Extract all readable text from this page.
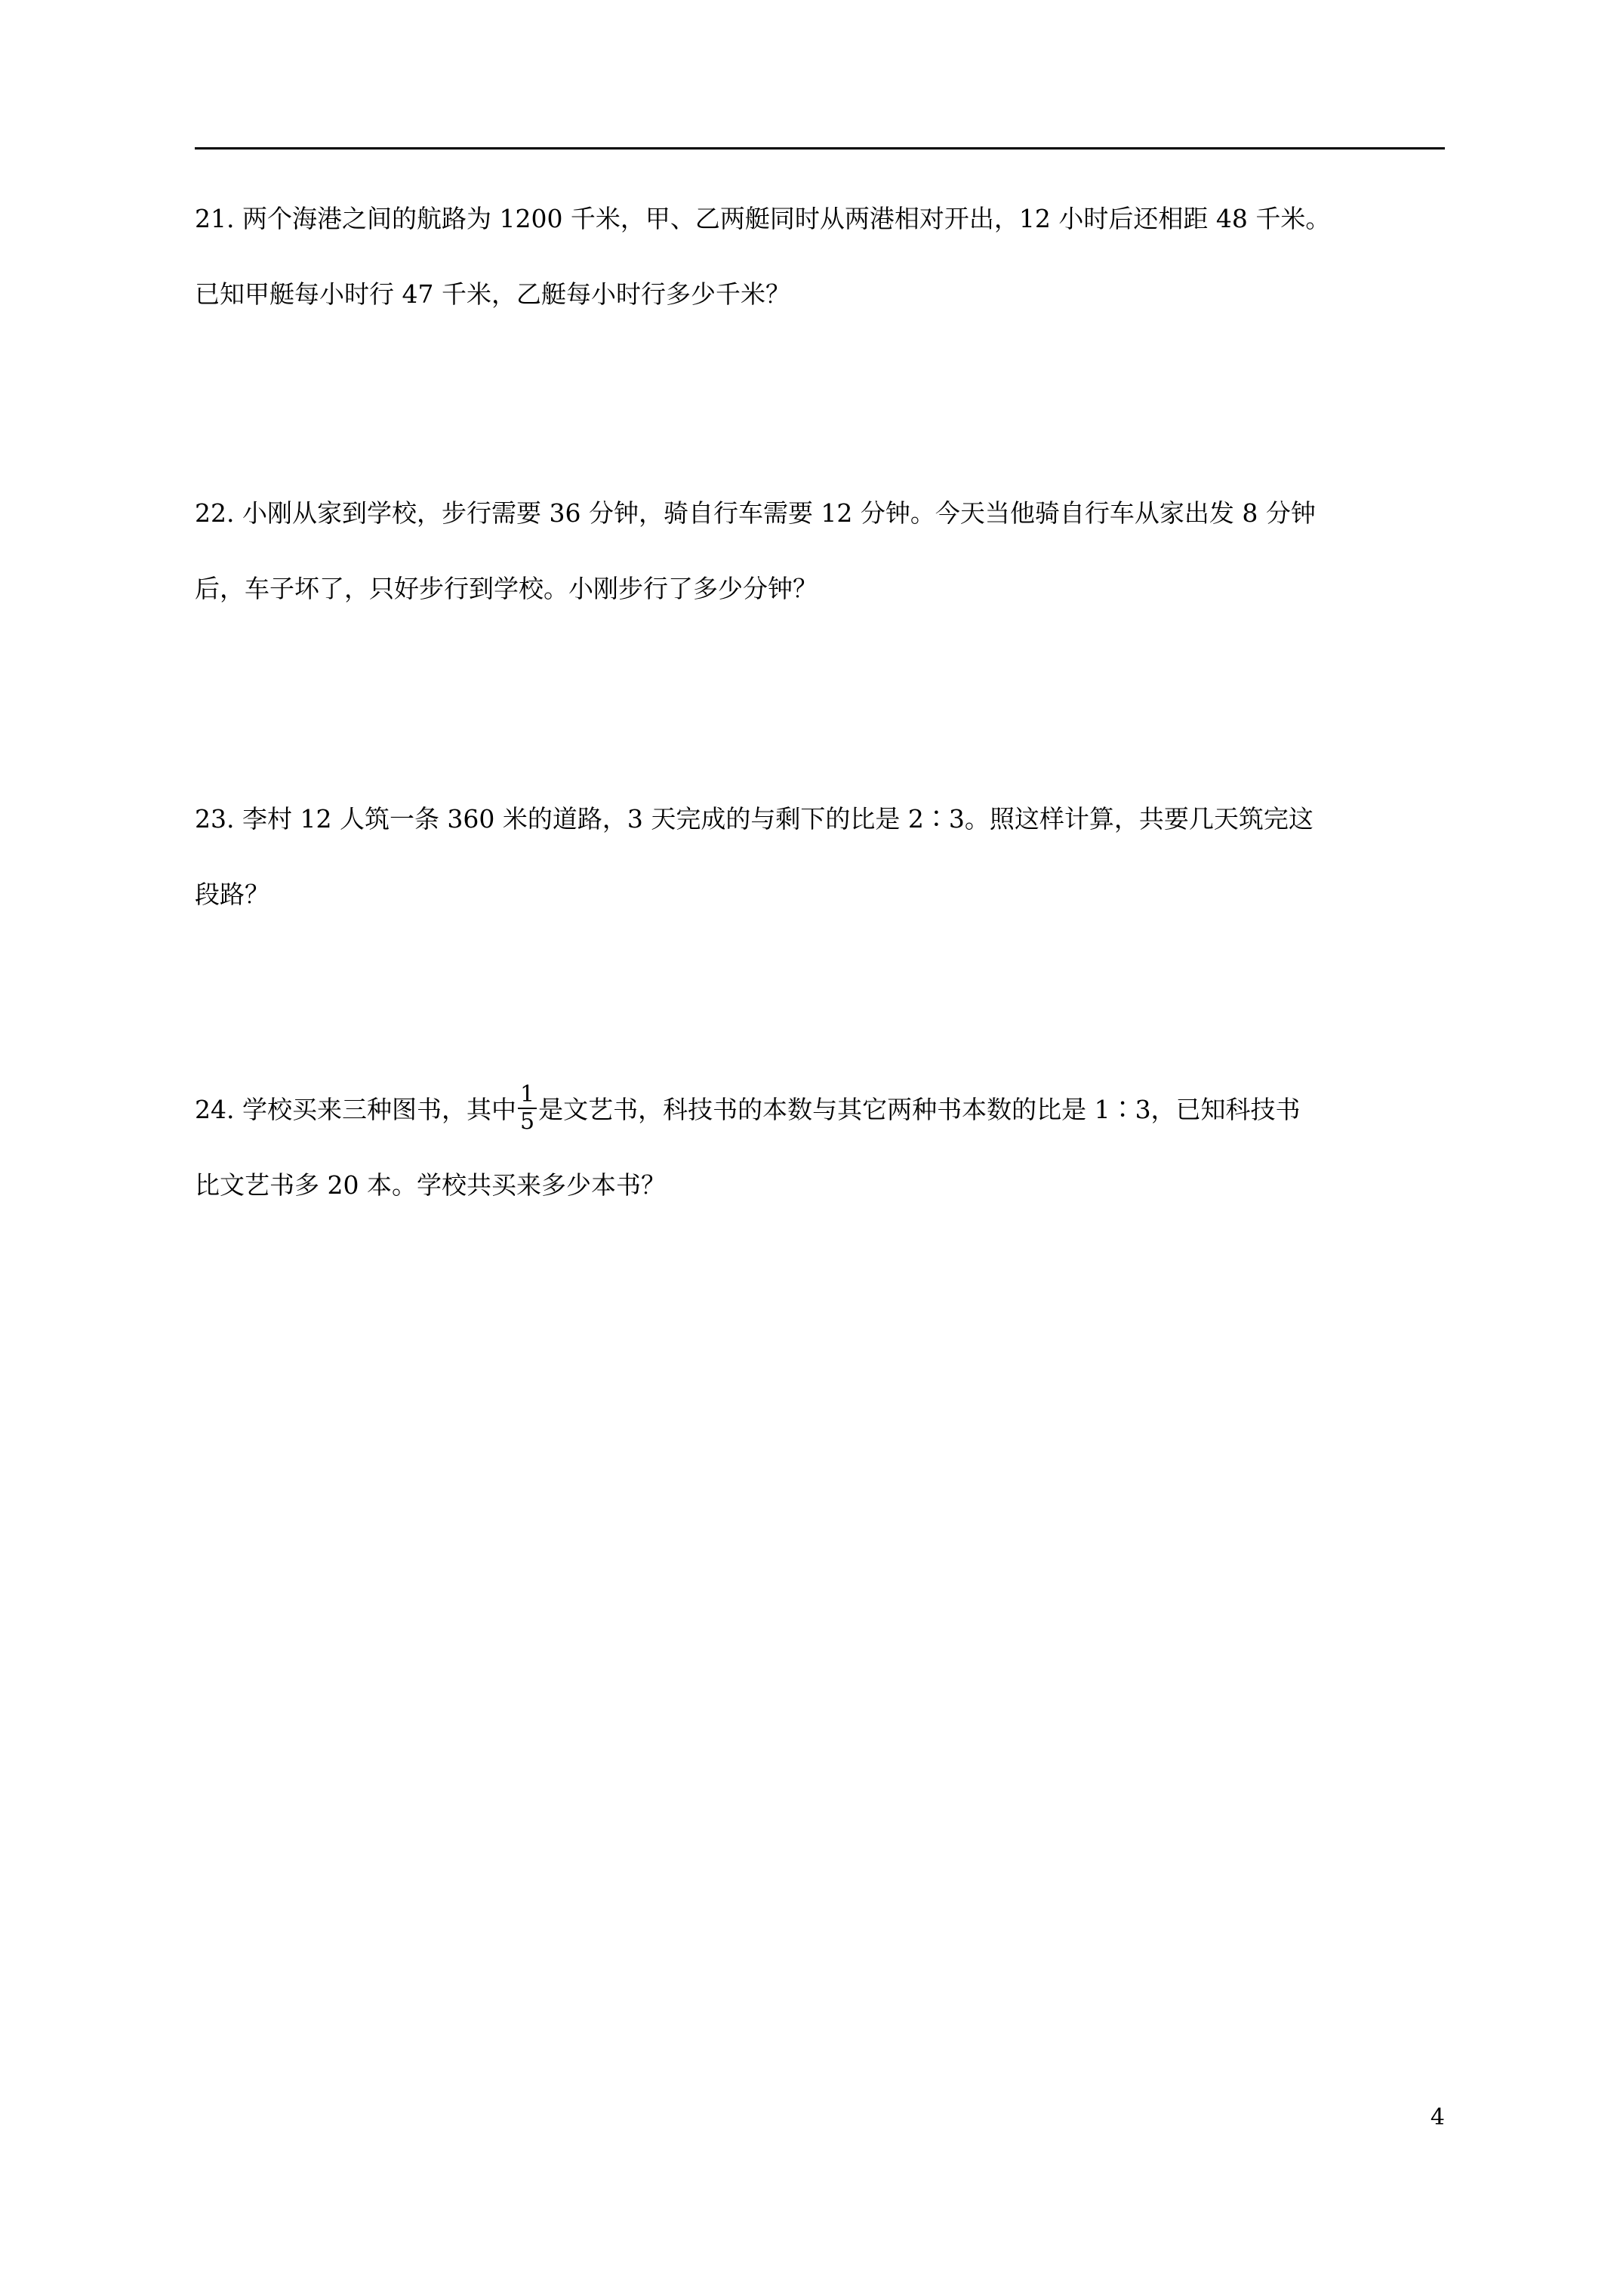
21. 两个海港之间的航路为 1200 千米，甲、乙两艇同时从两港相对开出，12 小时后还相距 48 千米。
已知甲艇每小时行 47 千米，乙艇每小时行多少千米？
22. 小刚从家到学校，步行需要 36 分钟，骑自行车需要 12 分钟。今天当他骑自行车从家出发 8 分钟
后，车子坏了，只好步行到学校。小刚步行了多少分钟？
23. 李村 12 人筑一条 360 米的道路，3 天完成的与剩下的比是 2∶3。照这样计算，共要几天筑完这
段路？
24. 学校买来三种图书，其中 $\frac{1}{5}$ 是文艺书，科技书的本数与其它两种书本数的比是 1∶3，已知科技书
比文艺书多 20 本。学校共买来多少本书？
4
